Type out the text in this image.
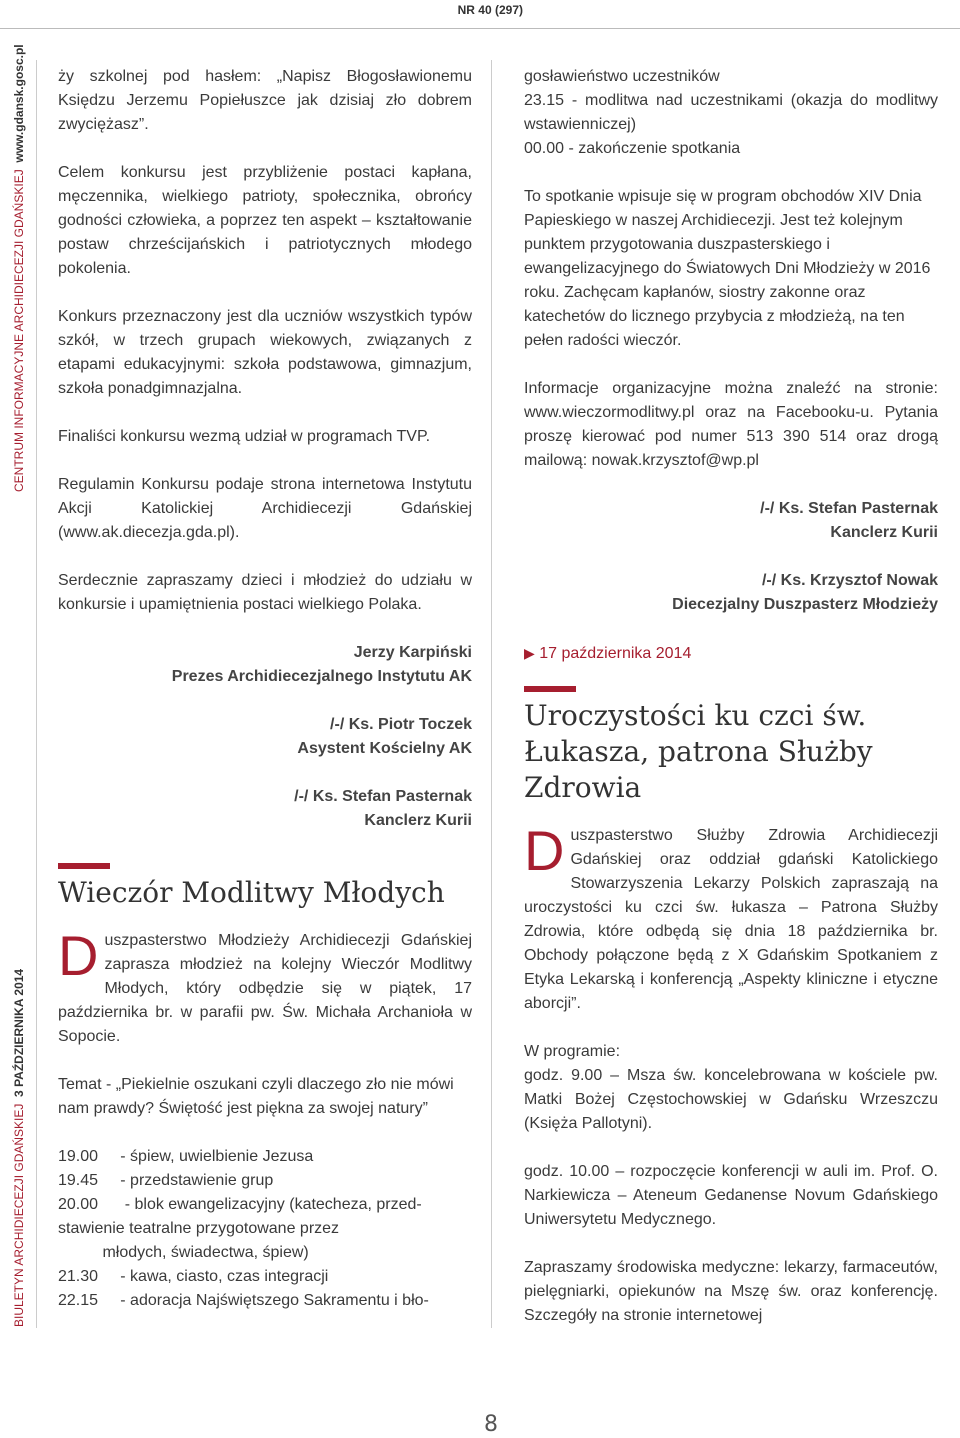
NR 40 (297)
CENTRUM INFORMACYJNE ARCHIDIECEZJI GDAŃSKIEJ  www.gdansk.gosc.pl
BIULETYN ARCHIDIECEZJI GDAŃSKIEJ  3 PAŹDZIERNIKA 2014

ży szkolnej pod hasłem: „Napisz Błogosławionemu Księdzu Jerzemu Popiełuszce jak dzisiaj zło dobrem zwyciężasz”.

Celem konkursu jest przybliżenie postaci kapłana, męczennika, wielkiego patrioty, społecznika, obrońcy godności człowieka, a poprzez ten aspekt – kształtowanie postaw chrześcijańskich i patriotycznych młodego pokolenia.

Konkurs przeznaczony jest dla uczniów wszystkich typów szkół, w trzech grupach wiekowych, związanych z etapami edukacyjnymi: szkoła podstawowa, gimnazjum, szkoła ponadgimnazjalna.

Finaliści konkursu wezmą udział w programach TVP.

Regulamin Konkursu podaje strona internetowa Instytutu Akcji Katolickiej Archidiecezji Gdańskiej (www.ak.diecezja.gda.pl).

Serdecznie zapraszamy dzieci i młodzież do udziału w konkursie i upamiętnienia postaci wielkiego Polaka.

Jerzy Karpiński
Prezes Archidiecezjalnego Instytutu AK
/-/ Ks. Piotr Toczek
Asystent Kościelny AK
/-/ Ks. Stefan Pasternak
Kanclerz Kurii
Wieczór Modlitwy Młodych

Duszpasterstwo Młodzieży Archidiecezji Gdańskiej zaprasza młodzież na kolejny Wieczór Modlitwy Młodych, który odbędzie się w piątek, 17 października br. w parafii pw. Św. Michała Archanioła w Sopocie.

Temat - „Piekielnie oszukani czyli dlaczego zło nie mówi nam prawdy? Świętość jest piękna za swojej natury”

19.00     - śpiew, uwielbienie Jezusa
19.45     - przedstawienie grup
20.00      - blok ewangelizacyjny (katecheza, przed-
stawienie teatralne przygotowane przez
młodych, świadectwa, śpiew)
21.30     - kawa, ciasto, czas integracji
22.15     - adoracja Najświętszego Sakramentu i bło-

gosławieństwo uczestników

23.15 - modlitwa nad uczestnikami (okazja do modlitwy wstawienniczej)

00.00 - zakończenie spotkania

To spotkanie wpisuje się w program obchodów XIV Dnia Papieskiego w naszej Archidiecezji. Jest też kolejnym punktem przygotowania duszpasterskiego i ewangelizacyjnego do Światowych Dni Młodzieży w 2016 roku. Zachęcam kapłanów, siostry zakonne oraz katechetów do licznego przybycia z młodzieżą, na ten pełen radości wieczór.

Informacje organizacyjne można znaleźć na stronie: www.wieczormodlitwy.pl oraz na Facebooku-u. Pytania proszę kierować pod numer 513 390 514 oraz drogą mailową: nowak.krzysztof@wp.pl

/-/ Ks. Stefan Pasternak
Kanclerz Kurii
/-/ Ks. Krzysztof Nowak
Diecezjalny Duszpasterz Młodzieży
▶ 17 października 2014
Uroczystości ku czci św. Łukasza, patrona Służby Zdrowia

Duszpasterstwo Służby Zdrowia Archidiecezji Gdańskiej oraz oddział gdański Katolickiego Stowarzyszenia Lekarzy Polskich zapraszają na uroczystości ku czci św. łukasza – Patrona Służby Zdrowia, które odbędą się dnia 18 października br. Obchody połączone będą z X Gdańskim Spotkaniem z Etyka Lekarską i konferencją „Aspekty kliniczne i etyczne aborcji”.

W programie:

godz. 9.00 – Msza św. koncelebrowana w kościele pw. Matki Bożej Częstochowskiej w Gdańsku Wrzeszczu (Księża Pallotyni).

godz. 10.00 – rozpoczęcie konferencji w auli im. Prof. O. Narkiewicza – Ateneum Gedanense Novum Gdańskiego Uniwersytetu Medycznego.

Zapraszamy środowiska medyczne: lekarzy, farmaceutów, pielęgniarki, opiekunów na Mszę św. oraz konferencję. Szczegóły na stronie internetowej

8
